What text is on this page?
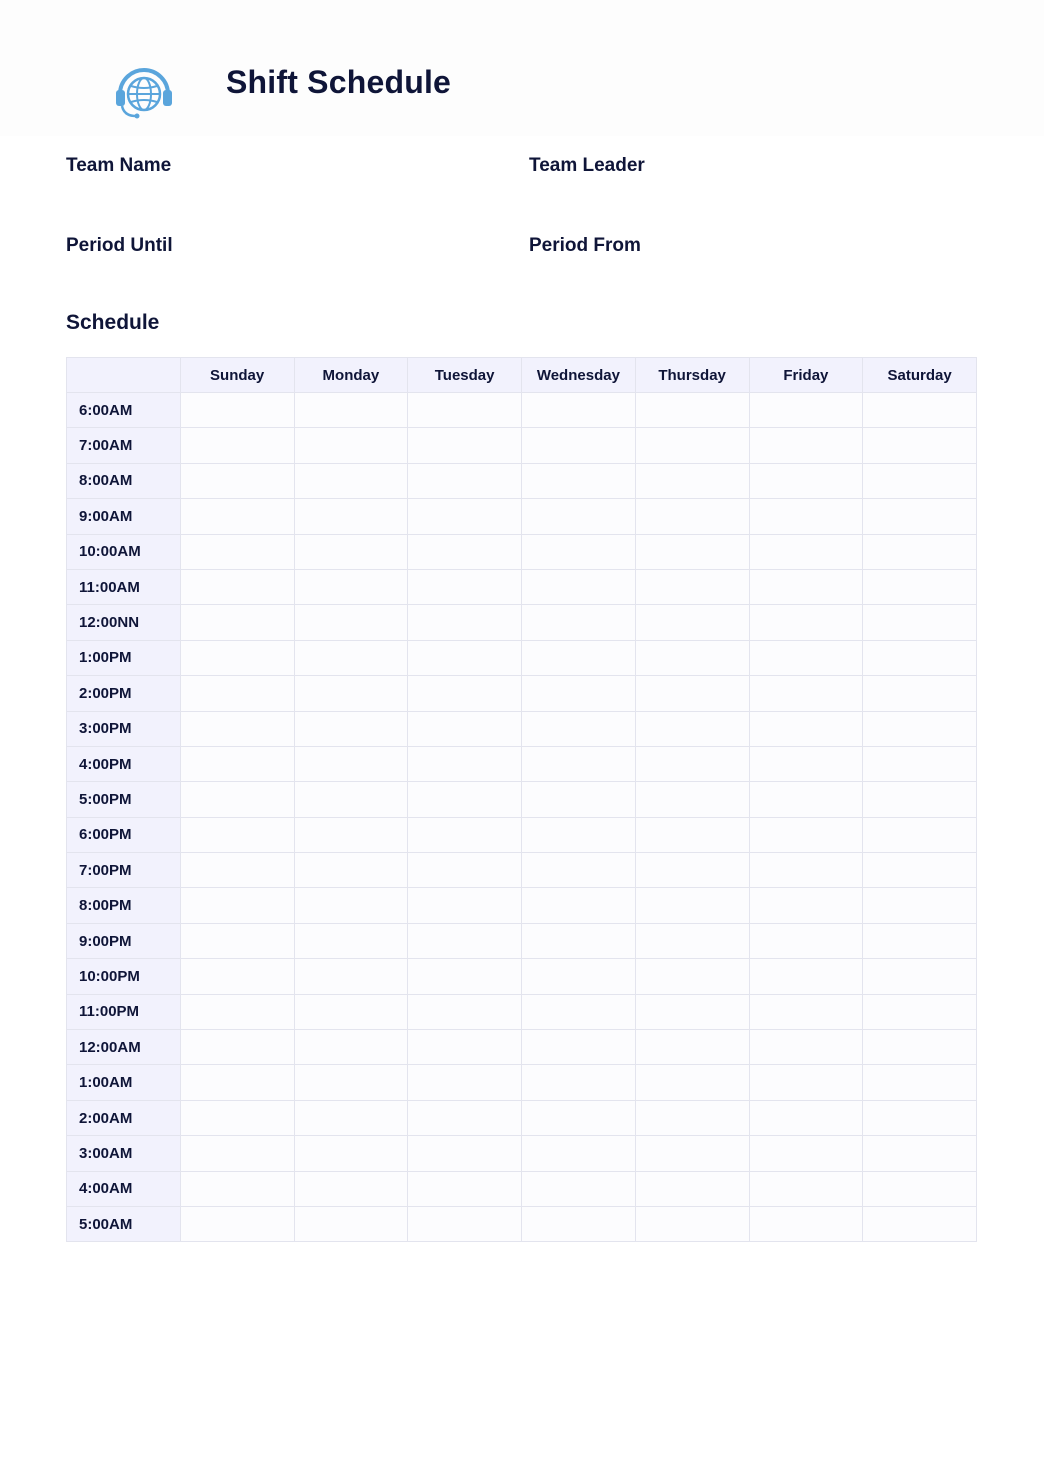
Shift Schedule
Team Name	Team Leader
Period Until	Period From
Schedule
	Sunday	Monday	Tuesday	Wednesday	Thursday	Friday	Saturday
6:00AM							
7:00AM							
8:00AM							
9:00AM							
10:00AM							
11:00AM							
12:00NN							
1:00PM							
2:00PM							
3:00PM							
4:00PM							
5:00PM							
6:00PM							
7:00PM							
8:00PM							
9:00PM							
10:00PM							
11:00PM							
12:00AM							
1:00AM							
2:00AM							
3:00AM							
4:00AM							
5:00AM							
